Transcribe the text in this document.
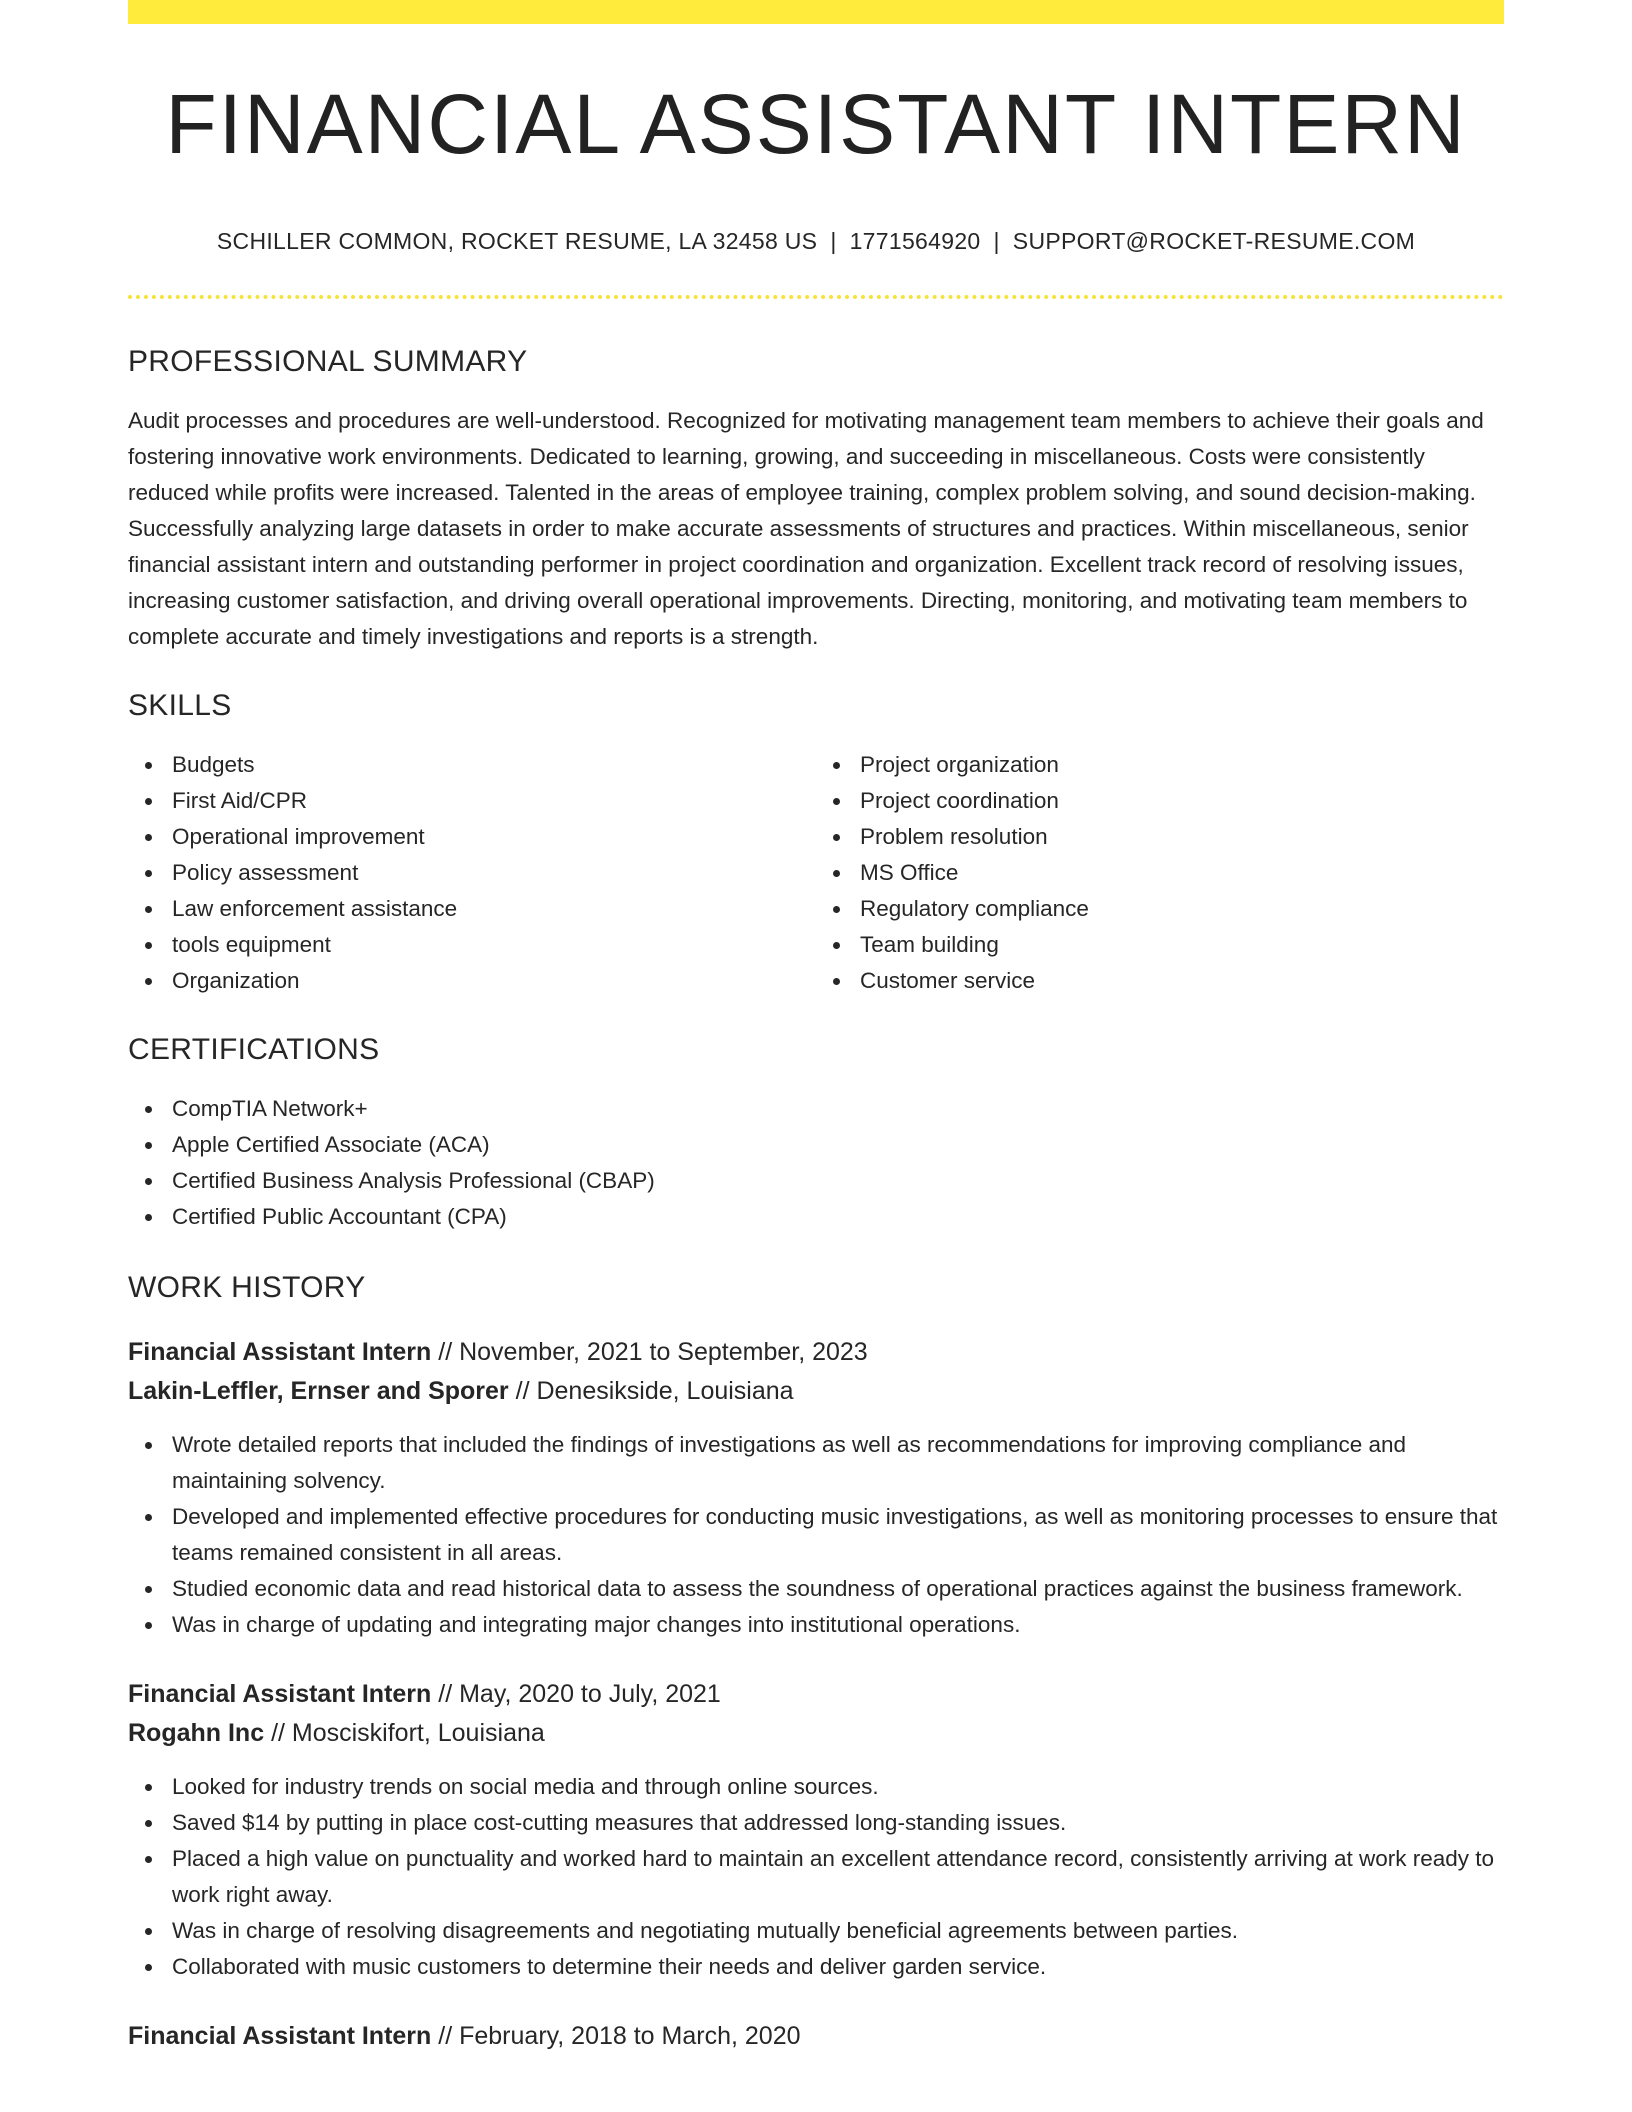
FINANCIAL ASSISTANT INTERN
SCHILLER COMMON, ROCKET RESUME, LA 32458 US | 1771564920 | SUPPORT@ROCKET-RESUME.COM
PROFESSIONAL SUMMARY

Audit processes and procedures are well-understood. Recognized for motivating management team members to achieve their goals and fostering innovative work environments. Dedicated to learning, growing, and succeeding in miscellaneous. Costs were consistently reduced while profits were increased. Talented in the areas of employee training, complex problem solving, and sound decision-making. Successfully analyzing large datasets in order to make accurate assessments of structures and practices. Within miscellaneous, senior financial assistant intern and outstanding performer in project coordination and organization. Excellent track record of resolving issues, increasing customer satisfaction, and driving overall operational improvements. Directing, monitoring, and motivating team members to complete accurate and timely investigations and reports is a strength.

SKILLS
Budgets
First Aid/CPR
Operational improvement
Policy assessment
Law enforcement assistance
tools equipment
Organization
Project organization
Project coordination
Problem resolution
MS Office
Regulatory compliance
Team building
Customer service
CERTIFICATIONS
CompTIA Network+
Apple Certified Associate (ACA)
Certified Business Analysis Professional (CBAP)
Certified Public Accountant (CPA)
WORK HISTORY
Financial Assistant Intern // November, 2021 to September, 2023
Lakin-Leffler, Ernser and Sporer // Denesikside, Louisiana
Wrote detailed reports that included the findings of investigations as well as recommendations for improving compliance and maintaining solvency.
Developed and implemented effective procedures for conducting music investigations, as well as monitoring processes to ensure that teams remained consistent in all areas.
Studied economic data and read historical data to assess the soundness of operational practices against the business framework.
Was in charge of updating and integrating major changes into institutional operations.
Financial Assistant Intern // May, 2020 to July, 2021
Rogahn Inc // Mosciskifort, Louisiana
Looked for industry trends on social media and through online sources.
Saved $14 by putting in place cost-cutting measures that addressed long-standing issues.
Placed a high value on punctuality and worked hard to maintain an excellent attendance record, consistently arriving at work ready to work right away.
Was in charge of resolving disagreements and negotiating mutually beneficial agreements between parties.
Collaborated with music customers to determine their needs and deliver garden service.
Financial Assistant Intern // February, 2018 to March, 2020
